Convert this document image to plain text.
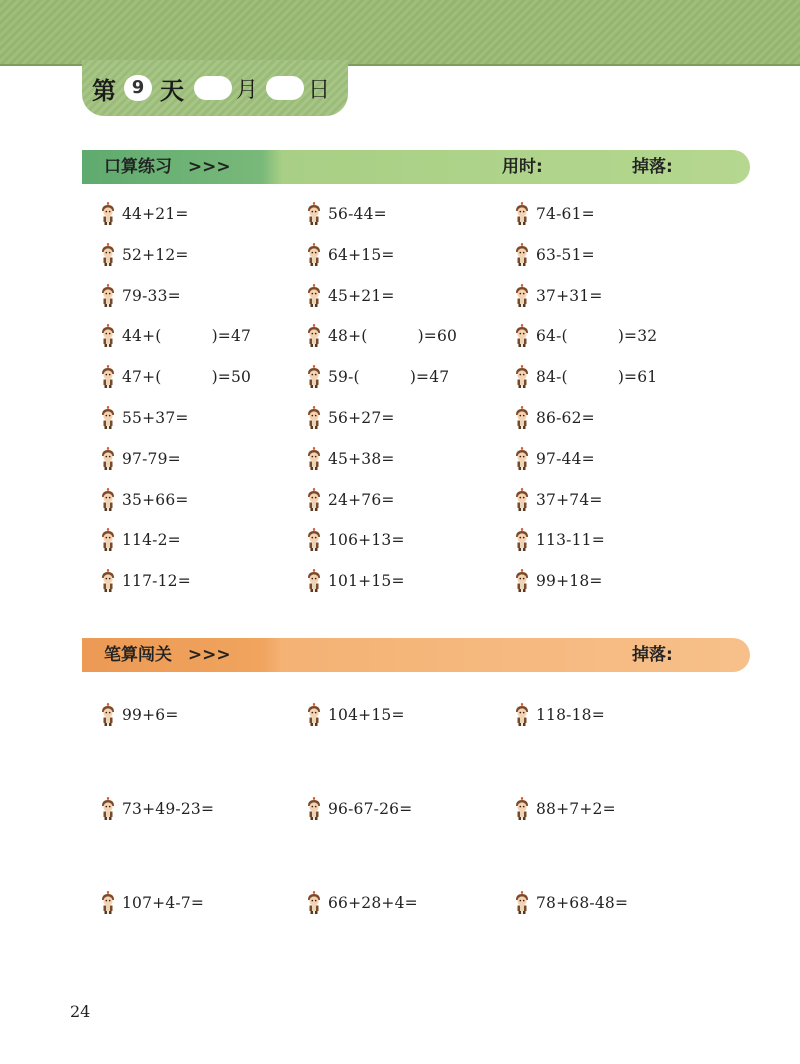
第 9 天 月 日
口算练习 >>>	用时:	掉落:
44+21=
52+12=
79-33=
44+(	)=47
47+(	)=50
55+37=
97-79=
35+66=
114-2=
117-12=
56-44=
64+15=
45+21=
48+(	)=60
59-(	)=47
56+27=
45+38=
24+76=
106+13=
101+15=
74-61=
63-51=
37+31=
64-(	)=32
84-(	)=61
86-62=
97-44=
37+74=
113-11=
99+18=
笔算闯关 >>>	掉落:
99+6=
73+49-23=
107+4-7=
104+15=
96-67-26=
66+28+4=
118-18=
88+7+2=
78+68-48=
24
